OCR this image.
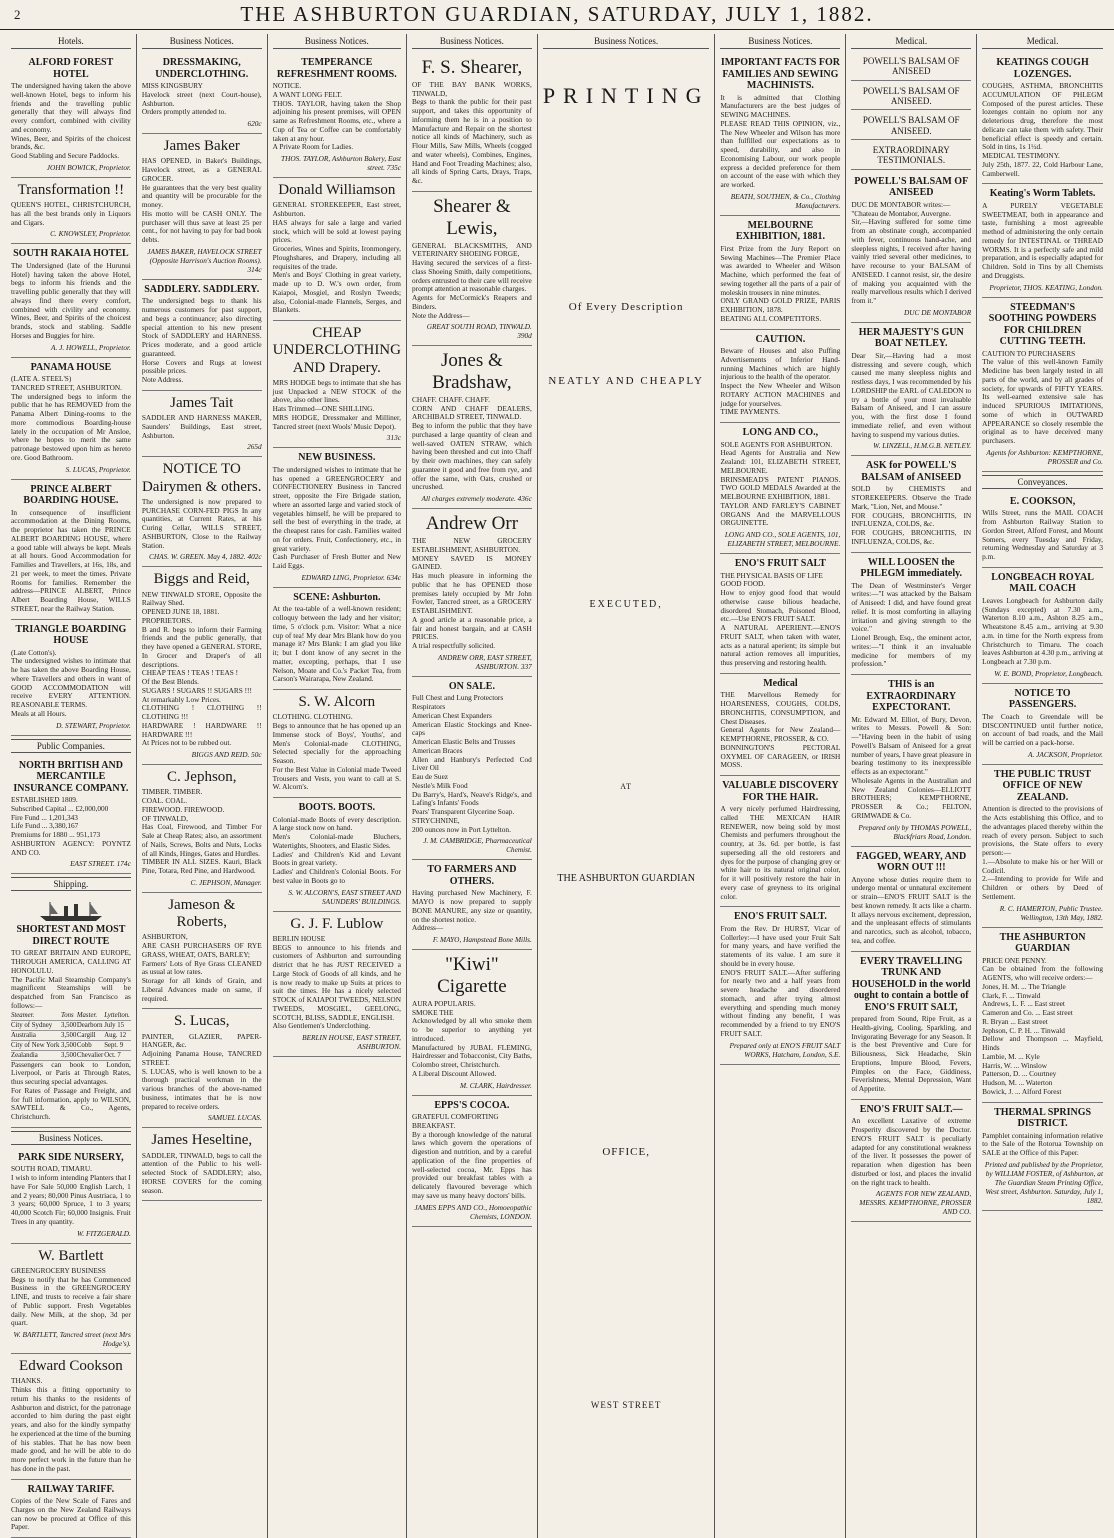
2	THE ASHBURTON GUARDIAN, SATURDAY, JULY 1, 1882.
Hotels.
ALFORD FOREST HOTEL
The undersigned having taken the above well-known Hotel, begs to inform his friends and the travelling public generally that they will always find every comfort, combined with civility and economy.
Wines, Beer, and Spirits of the choicest brands, &c.
Good Stabling and Secure Paddocks.
JOHN BOWICK, Proprietor.
Transformation !!
QUEEN'S HOTEL, CHRISTCHURCH, has all the best brands only in Liquors and Cigars.
C. KNOWSLEY, Proprietor.
SOUTH RAKAIA HOTEL
The Undersigned (late of the Hurunui Hotel) having taken the above Hotel, begs to inform his friends and the travelling public generally that they will always find there every comfort, combined with civility and economy. Wines, Beer, and Spirits of the choicest brands, stock and stabling. Saddle Horses and Buggies for hire.
A. J. HOWELL, Proprietor.
PANAMA HOUSE
(LATE A. STEEL'S)
TANCRED STREET, ASHBURTON.
The undersigned begs to inform the public that he has REMOVED from the Panama Albert Dining-rooms to the more commodious Boarding-house lately in the occupation of Mr Ansloe, where he hopes to merit the same patronage bestowed upon him as hereto ore. Good Bathroom.
S. LUCAS, Proprietor.
PRINCE ALBERT BOARDING HOUSE.
In consequence of insufficient accommodation at the Dining Rooms, the proprietor has taken the PRINCE ALBERT BOARDING HOUSE, where a good table will always be kept. Meals at all hours. Good Accommodation for Families and Travellers, at 16s, 18s, and 21 per week, to meet the times. Private Rooms for families. Remember the address—PRINCE ALBERT, Prince Albert Boarding House, WILLS STREET, near the Railway Station.
TRIANGLE BOARDING HOUSE
(Late Cotton's).
The undersigned wishes to intimate that he has taken the above Boarding House, where Travellers and others in want of GOOD ACCOMMODATION will receive EVERY ATTENTION. REASONABLE TERMS.
Meals at all Hours.
D. STEWART, Proprietor.
Public Companies.
NORTH BRITISH AND MERCANTILE INSURANCE COMPANY.
ESTABLISHED 1809.
Subscribed Capital ... £2,000,000
Fire Fund ... 1,201,343
Life Fund ... 3,380,167
Premiums for 1880 ... 951,173
ASHBURTON AGENCY: POYNTZ AND CO.
EAST STREET. 174c
Shipping.
SHORTEST AND MOST DIRECT ROUTE
TO GREAT BRITAIN AND EUROPE, THROUGH AMERICA, CALLING AT HONOLULU.
The Pacific Mail Steamship Company's magnificent Steamships will be despatched from San Francisco as follows:—
Steamer.	Tons	Master.	Lyttelton.
City of Sydney	3,500	Dearborn	July 15
Australia	3,500	Cargill	Aug. 12
City of New York	3,500	Cobb	Sept. 9
Zealandia	3,500	Chevalier	Oct. 7
Passengers can book to London, Liverpool, or Paris at Through Rates, thus securing special advantages.
For Rates of Passage and Freight, and for full information, apply to WILSON, SAWTELL & Co., Agents, Christchurch.
Business Notices.
PARK SIDE NURSERY,
SOUTH ROAD, TIMARU.
I wish to inform intending Planters that I have For Sale 50,000 English Larch, 1 and 2 years; 80,000 Pinus Austriaca, 1 to 3 years; 60,000 Spruce, 1 to 3 years; 40,000 Scotch Fir; 60,000 Insignis. Fruit Trees in any quantity.
W. FITZGERALD.
W. Bartlett
GREENGROCERY BUSINESS
Begs to notify that he has Commenced Business in the GREENGROCERY LINE, and trusts to receive a fair share of Public support. Fresh Vegetables daily. New Milk, at the shop, 3d per quart.
W. BARTLETT, Tancred street (next Mrs Hodge's).
Edward Cookson
THANKS.
Thinks this a fitting opportunity to return his thanks to the residents of Ashburton and district, for the patronage accorded to him during the past eight years, and also for the kindly sympathy he experienced at the time of the burning of his stables. That he has now been made good, and he will be able to do more perfect work in the future than he has done in the past.
RAILWAY TARIFF.
Copies of the New Scale of Fares and Charges on the New Zealand Railways can now be procured at Office of this Paper.
Business Notices.
DRESSMAKING, UNDERCLOTHING.
MISS KINGSBURY
Havelock street (next Court-house), Ashburton.
Orders promptly attended to.
620c
James Baker
HAS OPENED, in Baker's Buildings, Havelock street, as a GENERAL GROCER.
He guarantees that the very best quality and quantity will be procurable for the money.
His motto will be CASH ONLY. The purchaser will thus save at least 25 per cent., for not having to pay for bad book debts.
JAMES BAKER, HAVELOCK STREET (Opposite Harrison's Auction Rooms). 314c
SADDLERY. SADDLERY.
The undersigned begs to thank his numerous customers for past support, and begs a continuance; also directing special attention to his new present Stock of SADDLERY and HARNESS. Prices moderate, and a good article guaranteed.
Horse Covers and Rugs at lowest possible prices.
Note Address.
James Tait
SADDLER AND HARNESS MAKER, Saunders' Buildings, East street, Ashburton.
265d
NOTICE TO Dairymen & others.
The undersigned is now prepared to PURCHASE CORN-FED PIGS In any quantities, at Current Rates, at his Curing Cellar, WILLS STREET, ASHBURTON, Close to the Railway Station.
CHAS. W. GREEN. May 4, 1882. 402c
Biggs and Reid,
NEW TINWALD STORE, Opposite the Railway Shed.
OPENED JUNE 18, 1881.
PROPRIETORS.
B and R. begs to inform their Farming friends and the public generally, that they have opened a GENERAL STORE, In Grocer and Draper's of all descriptions.
CHEAP TEAS ! TEAS ! TEAS !
Of the Best Blends.
SUGARS ! SUGARS !! SUGARS !!!
At remarkably Low Prices.
CLOTHING ! CLOTHING !! CLOTHING !!!
HARDWARE ! HARDWARE !! HARDWARE !!!
At Prices not to be rubbed out.
BIGGS AND REID. 50c
C. Jephson,
TIMBER. TIMBER.
COAL. COAL.
FIREWOOD. FIREWOOD.
OF TINWALD,
Has Coal, Firewood, and Timber For Sale at Cheap Rates; also, an assortment of Nails, Screws, Bolts and Nuts, Locks of all Kinds, Hinges, Gates and Hurdles.
TIMBER IN ALL SIZES. Kauri, Black Pine, Totara, Red Pine, and Hardwood.
C. JEPHSON, Manager.
Jameson & Roberts,
ASHBURTON,
ARE CASH PURCHASERS OF RYE GRASS, WHEAT, OATS, BARLEY;
Farmers' Lots of Rye Grass CLEANED as usual at low rates.
Storage for all kinds of Grain, and Liberal Advances made on same, if required.
S. Lucas,
PAINTER, GLAZIER, PAPER-HANGER, &c.
Adjoining Panama House, TANCRED STREET.
S. LUCAS, who is well known to be a thorough practical workman in the various branches of the above-named business, intimates that he is now prepared to receive orders.
SAMUEL LUCAS.
James Heseltine,
SADDLER, TINWALD, begs to call the attention of the Public to his well-selected Stock of SADDLERY; also, HORSE COVERS for the coming season.
Business Notices.
TEMPERANCE REFRESHMENT ROOMS.
NOTICE.
A WANT LONG FELT.
THOS. TAYLOR, having taken the Shop adjoining his present premises, will OPEN same as Refreshment Rooms, etc., where a Cup of Tea or Coffee can be comfortably taken at any hour.
A Private Room for Ladies.
THOS. TAYLOR, Ashburton Bakery, East street. 735c
Donald Williamson
GENERAL STOREKEEPER, East street, Ashburton.
HAS always for sale a large and varied stock, which will be sold at lowest paying prices.
Groceries, Wines and Spirits, Ironmongery, Ploughshares, and Drapery, including all requisites of the trade.
Men's and Boys' Clothing in great variety, made up to D. W.'s own order, from Kaiapoi, Mosgiel, and Roslyn Tweeds; also, Colonial-made Flannels, Serges, and Blankets.
CHEAP UNDERCLOTHING AND Drapery.
MRS HODGE begs to intimate that she has just Unpacked a NEW STOCK of the above, also other lines.
Hats Trimmed—ONE SHILLING.
MRS HODGE, Dressmaker and Milliner, Tancred street (next Wools' Music Depot).
313c
NEW BUSINESS.
The undersigned wishes to intimate that he has opened a GREENGROCERY and CONFECTIONERY Business in Tancred street, opposite the Fire Brigade station, where an assorted large and varied stock of vegetables himself, he will be prepared to sell the best of everything in the trade, at the cheapest rates for cash. Families waited on for orders. Fruit, Confectionery, etc., in great variety.
Cash Purchaser of Fresh Butter and New Laid Eggs.
EDWARD LING, Proprietor. 634c
SCENE: Ashburton.
At the tea-table of a well-known resident; colloquy between the lady and her visitor; time, 5 o'clock p.m. Visitor: What a nice cup of tea! My dear Mrs Blank how do you manage it? Mrs Blank: I am glad you like it; but I dont know of any secret in the matter, excepting, perhaps, that I use Nelson, Moate and Co.'s Packet Tea, from Carson's Wairarapa, New Zealand.
S. W. Alcorn
CLOTHING. CLOTHING.
Begs to announce that he has opened up an Immense stock of Boys', Youths', and Men's Colonial-made CLOTHING, Selected specially for the approaching Season.
For the Best Value in Colonial made Tweed Trousers and Vests, you want to call at S. W. Alcorn's.
BOOTS. BOOTS.
Colonial-made Boots of every description. A large stock now on hand.
Men's Colonial-made Bluchers, Watertights, Shooters, and Elastic Sides.
Ladies' and Children's Kid and Levant Boots in great variety.
Ladies' and Children's Colonial Boots. For best value in Boots go to
S. W. ALCORN'S, EAST STREET AND SAUNDERS' BUILDINGS.
G. J. F. Lublow
BERLIN HOUSE
BEGS to announce to his friends and customers of Ashburton and surrounding district that he has JUST RECEIVED a Large Stock of Goods of all kinds, and he is now ready to make up Suits at prices to suit the times. He has a nicely selected STOCK of KAIAPOI TWEEDS, NELSON TWEEDS, MOSGIEL, GEELONG, SCOTCH, BLISS, SADDLE, ENGLISH.
Also Gentlemen's Underclothing.
BERLIN HOUSE, EAST STREET, ASHBURTON.
Business Notices.
F. S. Shearer,
OF THE BAY BANK WORKS, TINWALD,
Begs to thank the public for their past support, and takes this opportunity of informing them he is in a position to Manufacture and Repair on the shortest notice all kinds of Machinery, such as Flour Mills, Saw Mills, Wheels (cogged and water wheels), Combines, Engines, Hand and Foot Treading Machines; also, all kinds of Spring Carts, Drays, Traps, &c.
Shearer & Lewis,
GENERAL BLACKSMITHS, AND VETERINARY SHOEING FORGE,
Having secured the services of a first-class Shoeing Smith, daily competitions, orders entrusted to their care will receive prompt attention at reasonable charges.
Agents for McCormick's Reapers and Binders.
Note the Address—
GREAT SOUTH ROAD, TINWALD. 390d
Jones & Bradshaw,
CHAFF. CHAFF. CHAFF.
CORN AND CHAFF DEALERS, ARCHIBALD STREET, TINWALD.
Beg to inform the public that they have purchased a large quantity of clean and well-saved OATEN STRAW, which having been threshed and cut into Chaff by their own machines, they can safely guarantee it good and free from rye, and offer the same, with Oats, crushed or uncrushed.
All charges extremely moderate. 436c
Andrew Orr
THE NEW GROCERY ESTABLISHMENT, ASHBURTON.
MONEY SAVED IS MONEY GAINED.
Has much pleasure in informing the public that he has OPENED those premises lately occupied by Mr John Fowler, Tancred street, as a GROCERY ESTABLISHMENT.
A good article at a reasonable price, a fair and honest bargain, and at CASH PRICES.
A trial respectfully solicited.
ANDREW ORR, EAST STREET, ASHBURTON. 337
ON SALE.
Full Chest and Lung Protectors
Respirators
American Chest Expanders
American Elastic Stockings and Knee-caps
American Elastic Belts and Trusses
American Braces
Allen and Hanbury's Perfected Cod Liver Oil
Eau de Suez
Nestle's Milk Food
Du Barry's, Hard's, Neave's Ridge's, and Lafing's Infants' Foods
Pears' Transparent Glycerine Soap.
STRYCHNINE,
200 ounces now in Port Lyttelton.
J. M. CAMBRIDGE, Pharmaceutical Chemist.
TO FARMERS AND OTHERS.
Having purchased New Machinery, F. MAYO is now prepared to supply BONE MANURE, any size or quantity, on the shortest notice.
Address—
F. MAYO, Hampstead Bone Mills.
"Kiwi" Cigarette
AURA POPULARIS.
SMOKE THE
Acknowledged by all who smoke them to be superior to anything yet introduced.
Manufactured by JUBAL FLEMING, Hairdresser and Tobacconist, City Baths, Colombo street, Christchurch.
A Liberal Discount Allowed.
M. CLARK, Hairdresser.
EPPS'S COCOA.
GRATEFUL COMFORTING
BREAKFAST.
By a thorough knowledge of the natural laws which govern the operations of digestion and nutrition, and by a careful application of the fine properties of well-selected cocoa, Mr. Epps has provided our breakfast tables with a delicately flavoured beverage which may save us many heavy doctors' bills.
JAMES EPPS AND CO., Homoeopathic Chemists, LONDON.
Business Notices.
PRINTING
Of Every Description
NEATLY AND CHEAPLY
EXECUTED,
AT
THE ASHBURTON GUARDIAN
OFFICE,
WEST STREET
Business Notices.
IMPORTANT FACTS FOR FAMILIES AND SEWING MACHINISTS.
It is admitted that Clothing Manufacturers are the best judges of SEWING MACHINES.
PLEASE READ THIS OPINION, viz., The New Wheeler and Wilson has more than fulfilled our expectations as to speed, durability, and also in Economising Labour, our work people express a decided preference for them on account of the ease with which they are worked.
BEATH, SOUTHEN, & Co., Clothing Manufacturers.
MELBOURNE EXHIBITION, 1881.
First Prize from the Jury Report on Sewing Machines—The Premier Place was awarded to Wheeler and Wilson Machine, which performed the feat of sewing together all the parts of a pair of moleskin trousers in nine minutes.
ONLY GRAND GOLD PRIZE, PARIS EXHIBITION, 1878.
BEATING ALL COMPETITORS.
CAUTION.
Beware of Houses and also Puffing Advertisements of Inferior Hand-running Machines which are highly injurious to the health of the operator.
Inspect the New Wheeler and Wilson ROTARY ACTION MACHINES and judge for yourselves.
TIME PAYMENTS.
LONG AND CO.,
SOLE AGENTS FOR ASHBURTON.
Head Agents for Australia and New Zealand: 101, ELIZABETH STREET, MELBOURNE.
BRINSMEAD'S PATENT PIANOS. TWO GOLD MEDALS Awarded at the MELBOURNE EXHIBITION, 1881.
TAYLOR AND FARLEY'S CABINET ORGANS And the MARVELLOUS ORGUINETTE.
LONG AND CO., SOLE AGENTS, 101, ELIZABETH STREET, MELBOURNE.
ENO'S FRUIT SALT
THE PHYSICAL BASIS OF LIFE
GOOD FOOD.
How to enjoy good food that would otherwise cause bilious headache, disordered Stomach, Poisoned Blood, etc.—Use ENO'S FRUIT SALT.
A NATURAL APERIENT.—ENO'S FRUIT SALT, when taken with water, acts as a natural aperient; its simple but natural action removes all impurities, thus preserving and restoring health.
Medical
THE Marvellous Remedy for HOARSENESS, COUGHS, COLDS, BRONCHITIS, CONSUMPTION, and Chest Diseases.
General Agents for New Zealand— KEMPTHORNE, PROSSER, & CO.
BONNINGTON'S PECTORAL OXYMEL OF CARAGEEN, or IRISH MOSS.
VALUABLE DISCOVERY FOR THE HAIR.
A very nicely perfumed Hairdressing, called THE MEXICAN HAIR RENEWER, now being sold by most Chemists and perfumers throughout the country, at 3s. 6d. per bottle, is fast superseding all the old restorers and dyes for the purpose of changing grey or white hair to its natural original color, for it will positively restore the hair in every case of greyness to its original color.
ENO'S FRUIT SALT.
From the Rev. Dr HURST, Vicar of Collerley:—I have used your Fruit Salt for many years, and have verified the statements of its value. I am sure it should be in every house.
ENO'S FRUIT SALT.—After suffering for nearly two and a half years from severe headache and disordered stomach, and after trying almost everything and spending much money without finding any benefit, I was recommended by a friend to try ENO'S FRUIT SALT.
Prepared only at ENO'S FRUIT SALT WORKS, Hatcham, London, S.E.
Medical.
POWELL'S BALSAM OF ANISEED
POWELL'S BALSAM OF ANISEED.
POWELL'S BALSAM OF ANISEED.
EXTRAORDINARY TESTIMONIALS.
POWELL'S BALSAM OF ANISEED
DUC DE MONTABOR writes:—
"Chateau de Montabor, Auvergne.
Sir,—Having suffered for some time from an obstinate cough, accompanied with fever, continuous hand-ache, and sleepless nights, I received after having vainly tried several other medicines, to have recourse to your BALSAM of ANISEED. I cannot resist, sir, the desire of making you acquainted with the really marvellous results which I derived from it."
DUC DE MONTABOR
HER MAJESTY'S GUN BOAT NETLEY.
Dear Sir,—Having had a most distressing and severe cough, which caused me many sleepless nights and restless days, I was recommended by his LORDSHIP the EARL of CALEDON to try a bottle of your most invaluable Balsam of Aniseed, and I can assure you, with the first dose I found immediate relief, and even without having to suspend my various duties.
W. LINZELL, H.M.G.B. NETLEY.
ASK for POWELL'S BALSAM of ANISEED
SOLD by CHEMISTS and STOREKEEPERS. Observe the Trade Mark, "Lion, Net, and Mouse."
FOR COUGHS, BRONCHITIS, IN INFLUENZA, COLDS, &c.
FOR COUGHS, BRONCHITIS, IN INFLUENZA, COLDS, &c.
WILL LOOSEN the PHLEGM immediately.
The Dean of Westminster's Verger writes:—"I was attacked by the Balsam of Aniseed: I did, and have found great relief. It is most comforting in allaying irritation and giving strength to the voice."
Lionel Brough, Esq., the eminent actor, writes:—"I think it an invaluable medicine for members of my profession."
THIS is an EXTRAORDINARY EXPECTORANT.
Mr. Edward M. Elliot, of Bury, Devon, writes to Messrs. Powell & Son:—"Having been in the habit of using Powell's Balsam of Aniseed for a great number of years, I have great pleasure in bearing testimony to its inexpressible effects as an expectorant."
Wholesale Agents in the Australian and New Zealand Colonies—ELLIOTT BROTHERS; KEMPTHORNE, PROSSER & Co.; FELTON, GRIMWADE & Co.
Prepared only by THOMAS POWELL, Blackfriars Road, London.
FAGGED, WEARY, AND WORN OUT !!!
Anyone whose duties require them to undergo mental or unnatural excitement or strain—ENO'S FRUIT SALT is the best known remedy. It acts like a charm. It allays nervous excitement, depression, and the unpleasant effects of stimulants and narcotics, such as alcohol, tobacco, tea, and coffee.
EVERY TRAVELLING TRUNK AND HOUSEHOLD in the world ought to contain a bottle of ENO'S FRUIT SALT,
prepared from Sound, Ripe Fruit, as a Health-giving, Cooling, Sparkling, and Invigorating Beverage for any Season. It is the best Preventive and Cure for Biliousness, Sick Headache, Skin Eruptions, Impure Blood, Fevers, Pimples on the Face, Giddiness, Feverishness, Mental Depression, Want of Appetite.
ENO'S FRUIT SALT.—
An excellent Laxative of extreme Prosperity discovered by the Doctor. ENO'S FRUIT SALT is peculiarly adapted for any constitutional weakness of the liver. It possesses the power of reparation when digestion has been disturbed or lost, and places the invalid on the right track to health.
AGENTS FOR NEW ZEALAND, MESSRS. KEMPTHORNE, PROSSER AND CO.
Medical.
KEATINGS COUGH LOZENGES.
COUGHS, ASTHMA, BRONCHITIS ACCUMULATION OF PHLEGM Composed of the purest articles. These lozenges contain no opium nor any deleterious drug, therefore the most delicate can take them with safety. Their beneficial effect is speedy and certain. Sold in tins, 1s 1½d.
MEDICAL TESTIMONY.
July 25th, 1877. 22, Cold Harbour Lane, Camberwell.
Keating's Worm Tablets.
A PURELY VEGETABLE SWEETMEAT, both in appearance and taste, furnishing a most agreeable method of administering the only certain remedy for INTESTINAL or THREAD WORMS. It is a perfectly safe and mild preparation, and is especially adapted for Children. Sold in Tins by all Chemists and Druggists.
Proprietor, THOS. KEATING, London.
STEEDMAN'S SOOTHING POWDERS FOR CHILDREN CUTTING TEETH.
CAUTION TO PURCHASERS
The value of this well-known Family Medicine has been largely tested in all parts of the world, and by all grades of society, for upwards of FIFTY YEARS. Its well-earned extensive sale has induced SPURIOUS IMITATIONS, some of which in OUTWARD APPEARANCE so closely resemble the original as to have deceived many purchasers.
Agents for Ashburton: KEMPTHORNE, PROSSER and Co.
Conveyances.
E. COOKSON,
Wills Street, runs the MAIL COACH from Ashburton Railway Station to Gordon Street, Alford Forest, and Mount Somers, every Tuesday and Friday, returning Wednesday and Saturday at 3 p.m.
LONGBEACH ROYAL MAIL COACH
Leaves Longbeach for Ashburton daily (Sundays excepted) at 7.30 a.m., Waterton 8.10 a.m., Ashton 8.25 a.m., Wheatstone 8.45 a.m., arriving at 9.30 a.m. in time for the North express from Christchurch to Timaru. The coach leaves Ashburton at 4.30 p.m., arriving at Longbeach at 7.30 p.m.
W. E. BOND, Proprietor, Longbeach.
NOTICE TO PASSENGERS.
The Coach to Greendale will be DISCONTINUED until further notice, on account of bad roads, and the Mail will be carried on a pack-horse.
A. JACKSON, Proprietor.
THE PUBLIC TRUST OFFICE OF NEW ZEALAND.
Attention is directed to the provisions of the Acts establishing this Office, and to the advantages placed thereby within the reach of every person. Subject to such provisions, the State offers to every person:—
1.—Absolute to make his or her Will or Codicil.
2.—Intending to provide for Wife and Children or others by Deed of Settlement.
R. C. HAMERTON, Public Trustee. Wellington, 13th May, 1882.
THE ASHBURTON GUARDIAN
PRICE ONE PENNY.
Can be obtained from the following AGENTS, who will receive orders:—
Jones, H. M. ... The Triangle
Clark, F. ... Tinwald
Andrews, L. F. ... East street
Cameron and Co. ... East street
R. Bryan ... East street
Jephson, C. P. H. ... Tinwald
Dellow and Thompson ... Mayfield, Hinds
Lambie, M. ... Kyle
Harris, W. ... Winslow
Patterson, D. ... Courtney
Hudson, M. ... Waterton
Bowick, J. ... Alford Forest
THERMAL SPRINGS DISTRICT.
Pamphlet containing information relative to the Sale of the Rotorua Township on SALE at the Office of this Paper.
Printed and published by the Proprietor, by WILLIAM FOSTER, of Ashburton, at The Guardian Steam Printing Office, West street, Ashburton. Saturday, July 1, 1882.
